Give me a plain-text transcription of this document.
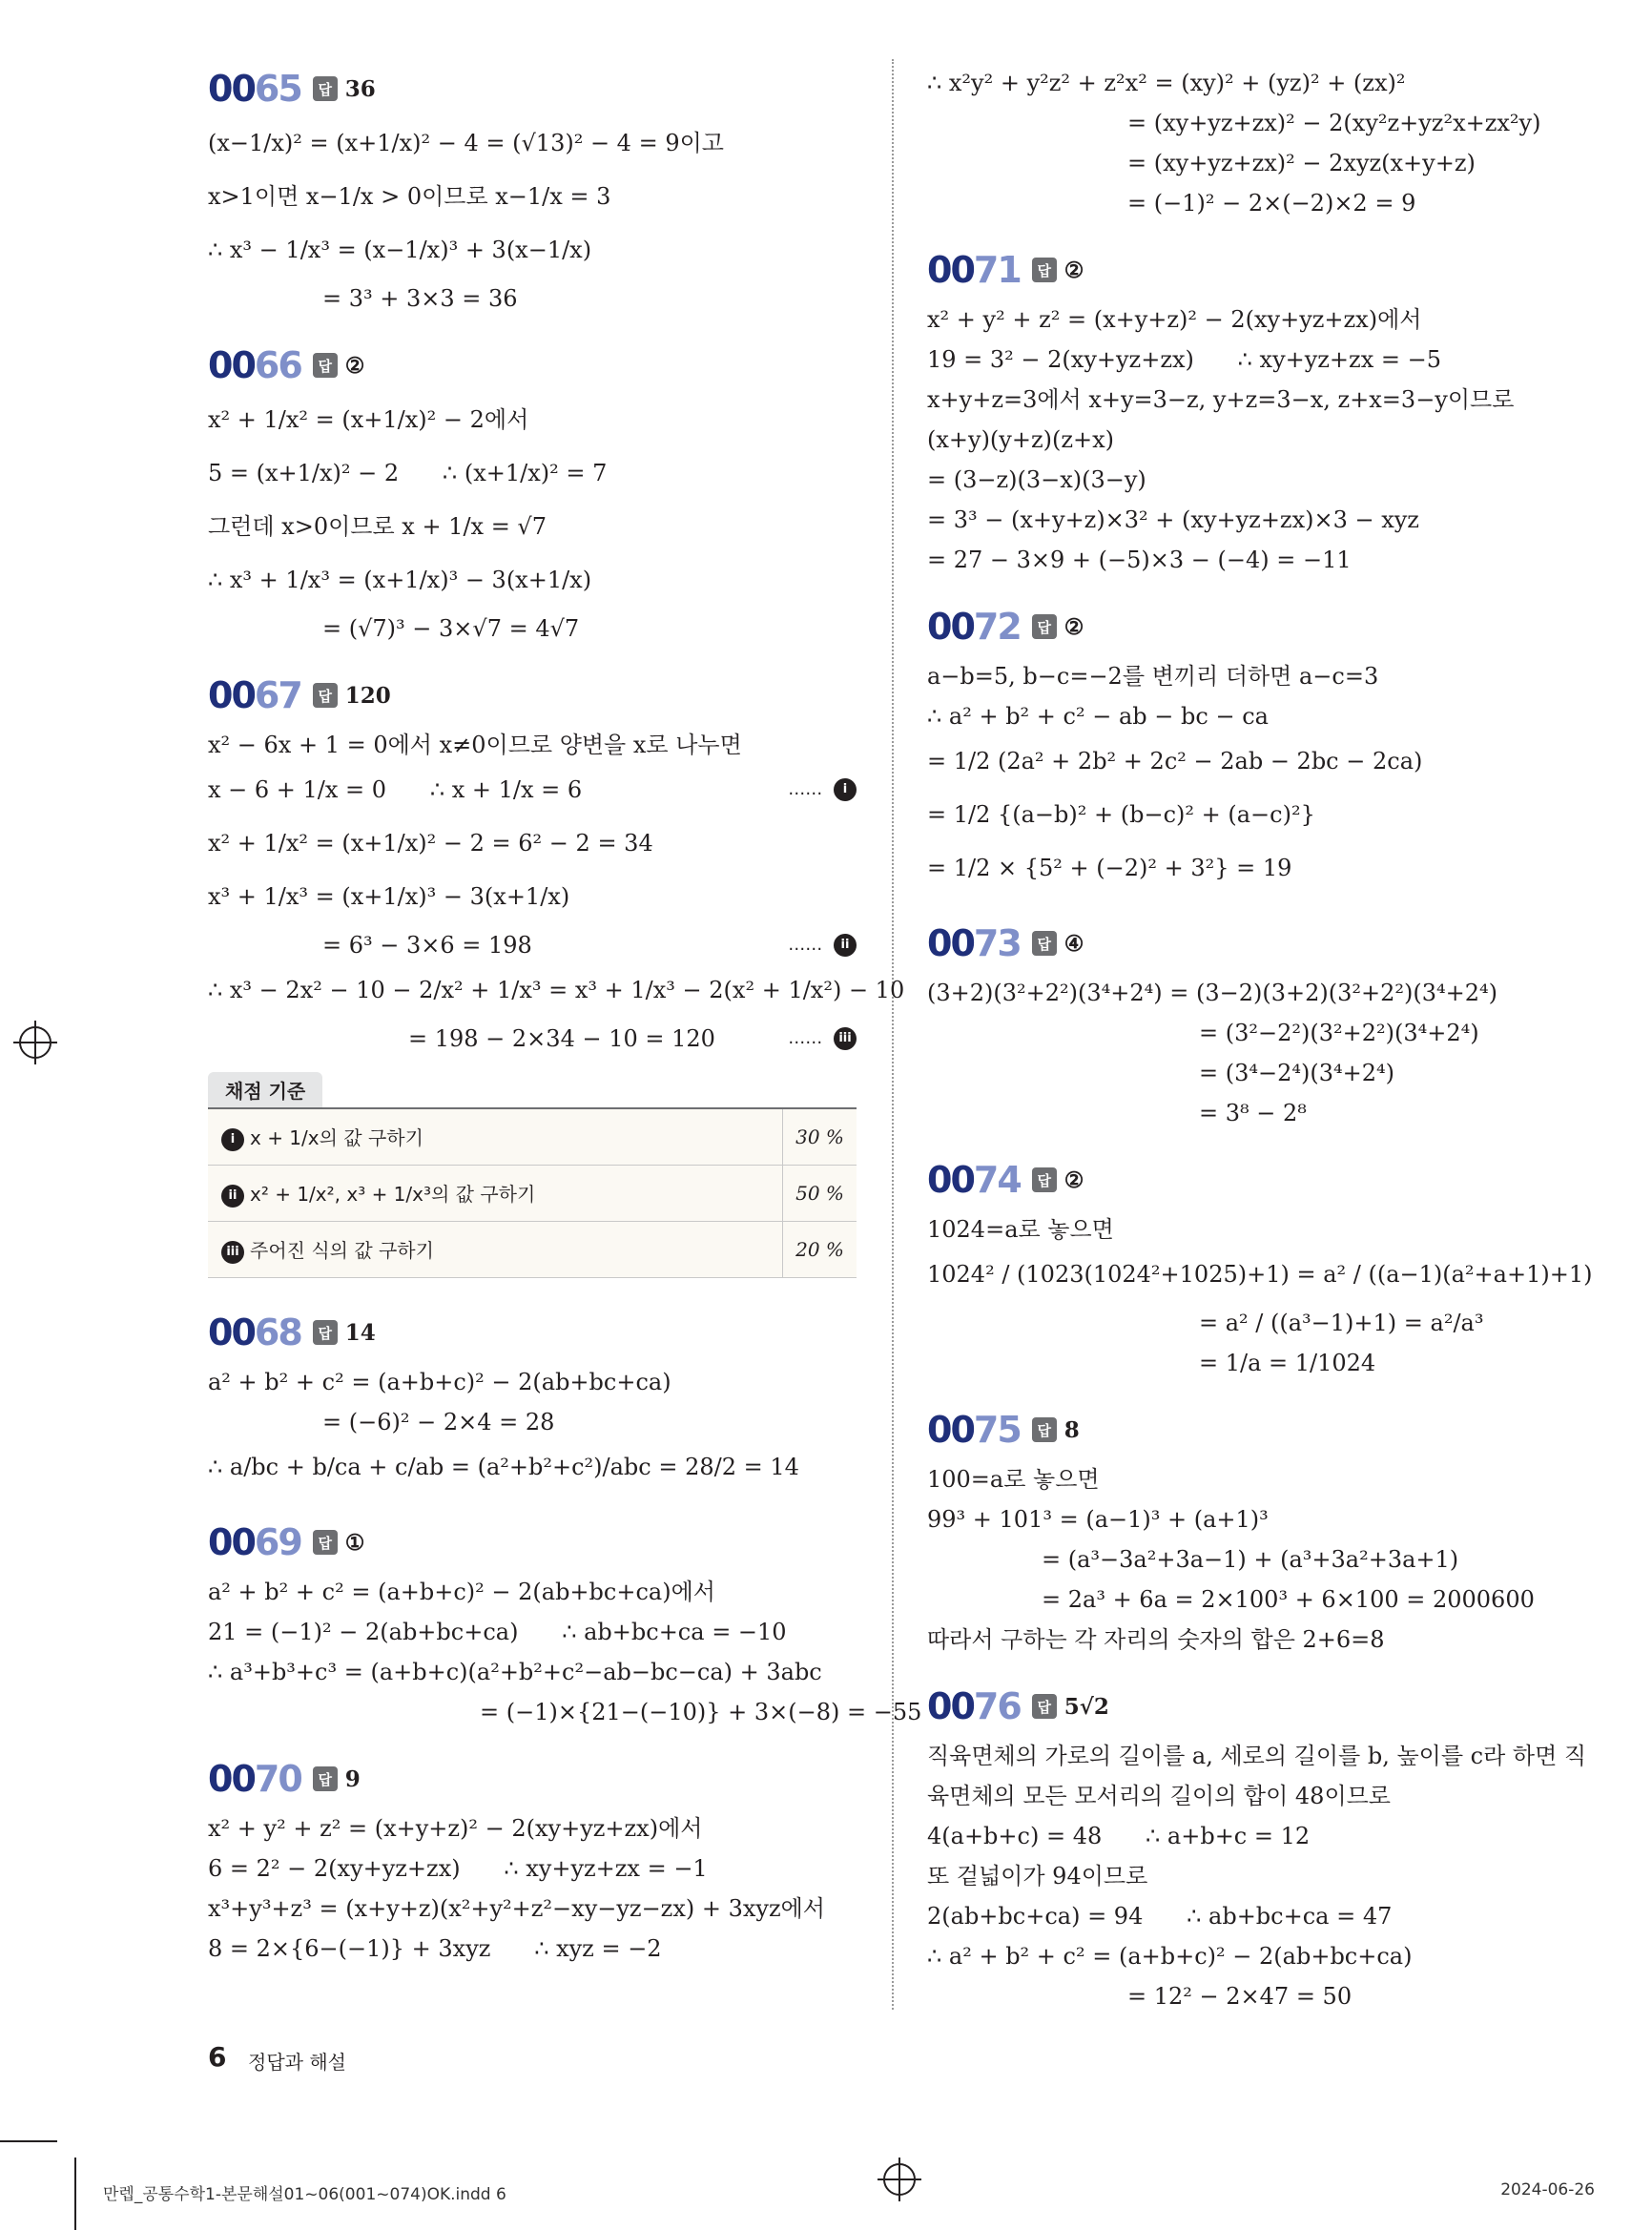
0065	답 36
(x−1/x)² = (x+1/x)² − 4 = (√13)² − 4 = 9이고
x>1이면 x−1/x > 0이므로 x−1/x = 3
∴ x³ − 1/x³ = (x−1/x)³ + 3(x−1/x)
= 3³ + 3×3 = 36
0066	답 ②
x² + 1/x² = (x+1/x)² − 2에서
5 = (x+1/x)² − 2      ∴ (x+1/x)² = 7
그런데 x>0이므로 x + 1/x = √7
∴ x³ + 1/x³ = (x+1/x)³ − 3(x+1/x)
= (√7)³ − 3×√7 = 4√7
0067	답 120
x² − 6x + 1 = 0에서 x≠0이므로 양변을 x로 나누면
x − 6 + 1/x = 0      ∴ x + 1/x = 6	…… i
x² + 1/x² = (x+1/x)² − 2 = 6² − 2 = 34
x³ + 1/x³ = (x+1/x)³ − 3(x+1/x)
= 6³ − 3×6 = 198	…… ii
∴ x³ − 2x² − 10 − 2/x² + 1/x³ = x³ + 1/x³ − 2(x² + 1/x²) − 10
= 198 − 2×34 − 10 = 120	…… iii
채점 기준
i x + 1/x의 값 구하기	30 %
ii x² + 1/x², x³ + 1/x³의 값 구하기	50 %
iii 주어진 식의 값 구하기	20 %
0068	답 14
a² + b² + c² = (a+b+c)² − 2(ab+bc+ca)
= (−6)² − 2×4 = 28
∴ a/bc + b/ca + c/ab = (a²+b²+c²)/abc = 28/2 = 14
0069	답 ①
a² + b² + c² = (a+b+c)² − 2(ab+bc+ca)에서
21 = (−1)² − 2(ab+bc+ca)      ∴ ab+bc+ca = −10
∴ a³+b³+c³ = (a+b+c)(a²+b²+c²−ab−bc−ca) + 3abc
= (−1)×{21−(−10)} + 3×(−8) = −55
0070	답 9
x² + y² + z² = (x+y+z)² − 2(xy+yz+zx)에서
6 = 2² − 2(xy+yz+zx)      ∴ xy+yz+zx = −1
x³+y³+z³ = (x+y+z)(x²+y²+z²−xy−yz−zx) + 3xyz에서
8 = 2×{6−(−1)} + 3xyz      ∴ xyz = −2
∴ x²y² + y²z² + z²x² = (xy)² + (yz)² + (zx)²
= (xy+yz+zx)² − 2(xy²z+yz²x+zx²y)
= (xy+yz+zx)² − 2xyz(x+y+z)
= (−1)² − 2×(−2)×2 = 9
0071	답 ②
x² + y² + z² = (x+y+z)² − 2(xy+yz+zx)에서
19 = 3² − 2(xy+yz+zx)      ∴ xy+yz+zx = −5
x+y+z=3에서 x+y=3−z, y+z=3−x, z+x=3−y이므로
(x+y)(y+z)(z+x)
= (3−z)(3−x)(3−y)
= 3³ − (x+y+z)×3² + (xy+yz+zx)×3 − xyz
= 27 − 3×9 + (−5)×3 − (−4) = −11
0072	답 ②
a−b=5, b−c=−2를 변끼리 더하면 a−c=3
∴ a² + b² + c² − ab − bc − ca
= 1/2 (2a² + 2b² + 2c² − 2ab − 2bc − 2ca)
= 1/2 {(a−b)² + (b−c)² + (a−c)²}
= 1/2 × {5² + (−2)² + 3²} = 19
0073	답 ④
(3+2)(3²+2²)(3⁴+2⁴) = (3−2)(3+2)(3²+2²)(3⁴+2⁴)
= (3²−2²)(3²+2²)(3⁴+2⁴)
= (3⁴−2⁴)(3⁴+2⁴)
= 3⁸ − 2⁸
0074	답 ②
1024=a로 놓으면
1024² / (1023(1024²+1025)+1) = a² / ((a−1)(a²+a+1)+1)
= a² / ((a³−1)+1) = a²/a³
= 1/a = 1/1024
0075	답 8
100=a로 놓으면
99³ + 101³ = (a−1)³ + (a+1)³
= (a³−3a²+3a−1) + (a³+3a²+3a+1)
= 2a³ + 6a = 2×100³ + 6×100 = 2000600
따라서 구하는 각 자리의 숫자의 합은 2+6=8
0076	답 5√2
직육면체의 가로의 길이를 a, 세로의 길이를 b, 높이를 c라 하면 직
육면체의 모든 모서리의 길이의 합이 48이므로
4(a+b+c) = 48      ∴ a+b+c = 12
또 겉넓이가 94이므로
2(ab+bc+ca) = 94      ∴ ab+bc+ca = 47
∴ a² + b² + c² = (a+b+c)² − 2(ab+bc+ca)
= 12² − 2×47 = 50
6 정답과 해설
만렙_공통수학1-본문해설01~06(001~074)OK.indd 6	2024-06-26
